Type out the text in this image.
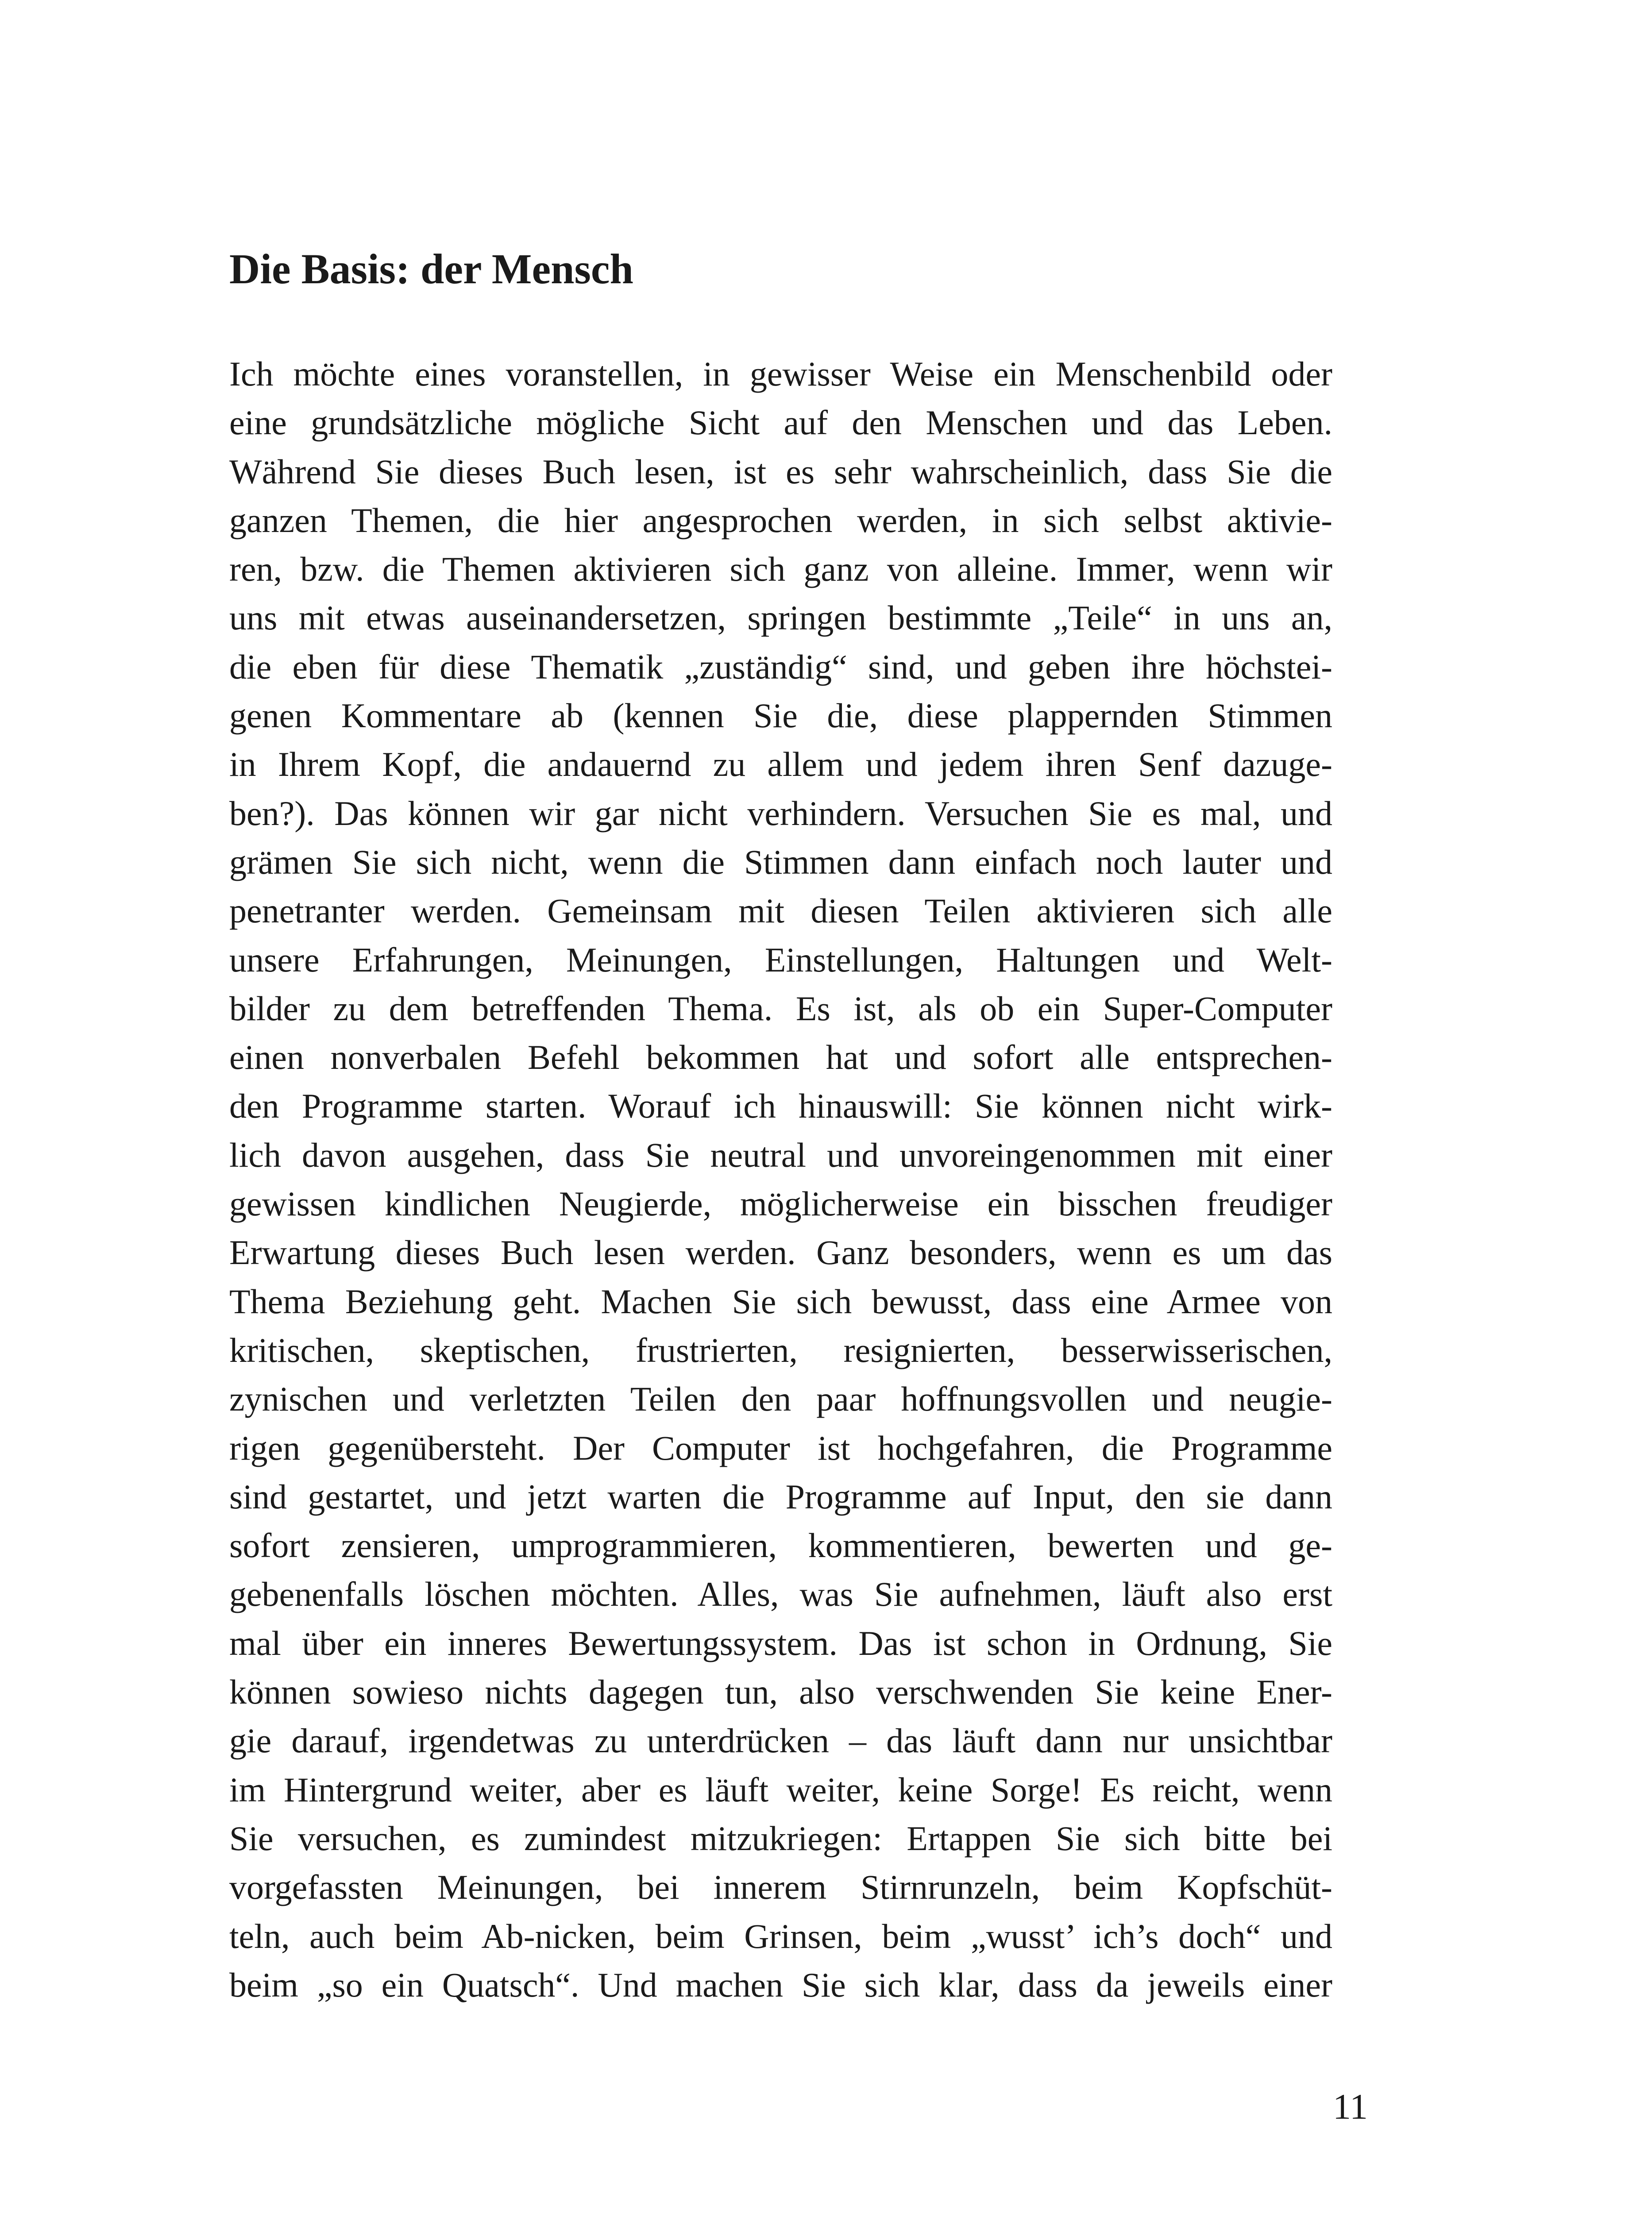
Die Basis: der Mensch
Ich möchte eines voranstellen, in gewisser Weise ein Menschenbild oder
eine grundsätzliche mögliche Sicht auf den Menschen und das Leben.
Während Sie dieses Buch lesen, ist es sehr wahrscheinlich, dass Sie die
ganzen Themen, die hier angesprochen werden, in sich selbst aktivie-
ren, bzw. die Themen aktivieren sich ganz von alleine. Immer, wenn wir
uns mit etwas auseinandersetzen, springen bestimmte „Teile“ in uns an,
die eben für diese Thematik „zuständig“ sind, und geben ihre höchstei-
genen Kommentare ab (kennen Sie die, diese plappernden Stimmen
in Ihrem Kopf, die andauernd zu allem und jedem ihren Senf dazuge-
ben?). Das können wir gar nicht verhindern. Versuchen Sie es mal, und
grämen Sie sich nicht, wenn die Stimmen dann einfach noch lauter und
penetranter werden. Gemeinsam mit diesen Teilen aktivieren sich alle
unsere Erfahrungen, Meinungen, Einstellungen, Haltungen und Welt-
bilder zu dem betreffenden Thema. Es ist, als ob ein Super-Computer
einen nonverbalen Befehl bekommen hat und sofort alle entsprechen-
den Programme starten. Worauf ich hinauswill: Sie können nicht wirk-
lich davon ausgehen, dass Sie neutral und unvoreingenommen mit einer
gewissen kindlichen Neugierde, möglicherweise ein bisschen freudiger
Erwartung dieses Buch lesen werden. Ganz besonders, wenn es um das
Thema Beziehung geht. Machen Sie sich bewusst, dass eine Armee von
kritischen, skeptischen, frustrierten, resignierten, besserwisserischen,
zynischen und verletzten Teilen den paar hoffnungsvollen und neugie-
rigen gegenübersteht. Der Computer ist hochgefahren, die Programme
sind gestartet, und jetzt warten die Programme auf Input, den sie dann
sofort zensieren, umprogrammieren, kommentieren, bewerten und ge-
gebenenfalls löschen möchten. Alles, was Sie aufnehmen, läuft also erst
mal über ein inneres Bewertungssystem. Das ist schon in Ordnung, Sie
können sowieso nichts dagegen tun, also verschwenden Sie keine Ener-
gie darauf, irgendetwas zu unterdrücken – das läuft dann nur unsichtbar
im Hintergrund weiter, aber es läuft weiter, keine Sorge! Es reicht, wenn
Sie versuchen, es zumindest mitzukriegen: Ertappen Sie sich bitte bei
vorgefassten Meinungen, bei innerem Stirnrunzeln, beim Kopfschüt-
teln, auch beim Ab-nicken, beim Grinsen, beim „wusst’ ich’s doch“ und
beim „so ein Quatsch“. Und machen Sie sich klar, dass da jeweils einer
11
